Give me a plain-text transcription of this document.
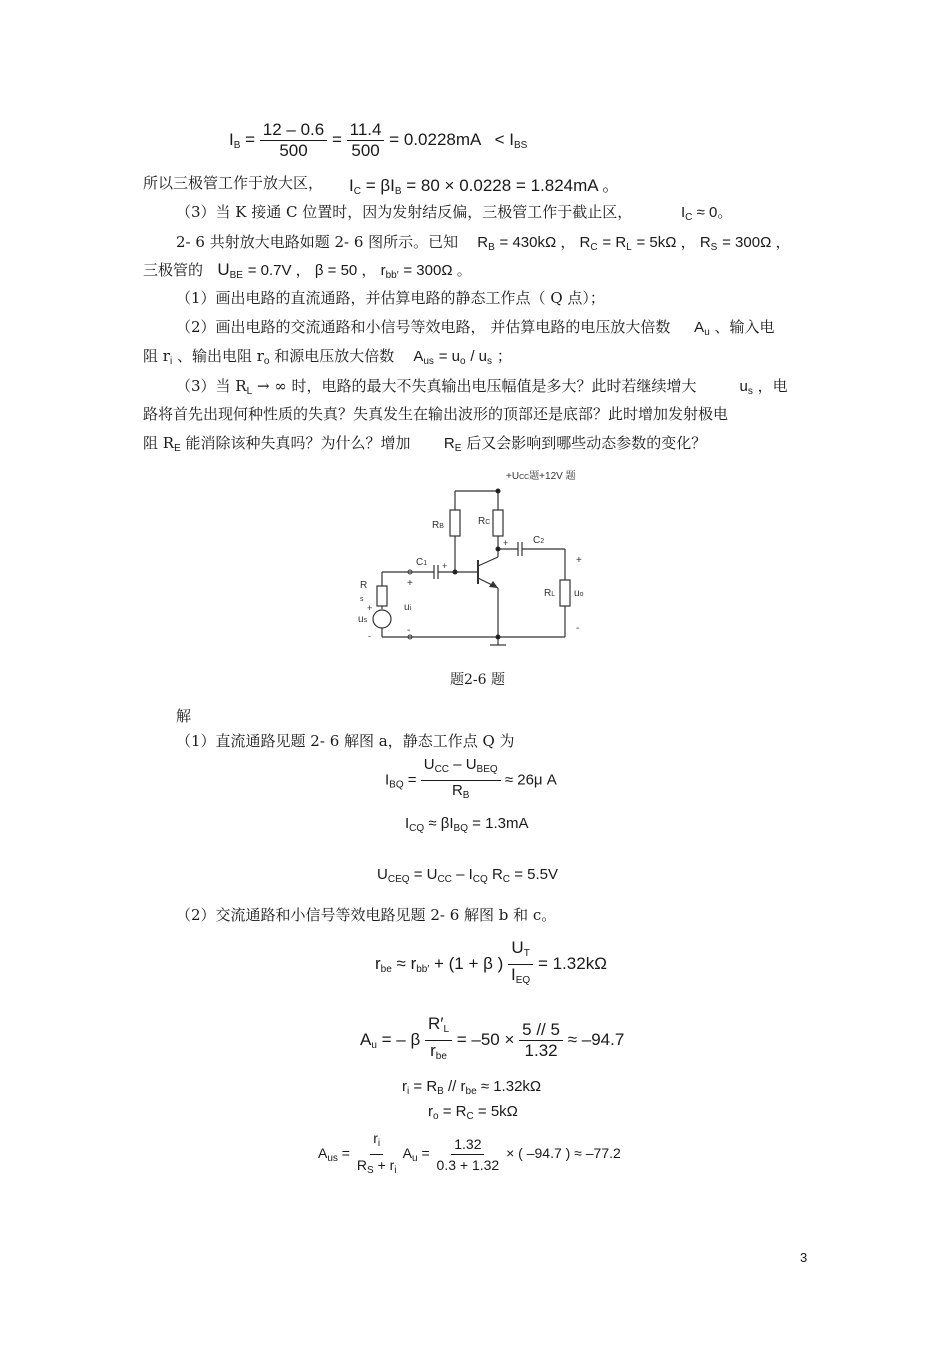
$I_B = \frac{12 - 0.6}{500} = \frac{11.4}{500} = 0.0228mA < I_{BS}$
所以三极管工作于放大区， $I_C = \beta I_B = 80 \times 0.0228 = 1.824mA$ 。
（3）当 K 接通 C 位置时，因为发射结反偏，三极管工作于截止区，	$I_C \approx 0$。
2- 6 共射放大电路如题 2- 6 图所示。已知 $R_B = 430k\Omega$ ， $R_C = R_L = 5k\Omega$ ， $R_S = 300\Omega$ ，
三极管的 $U_{BE} = 0.7V$ ， β = 50 ， $r_{bb'} = 300\Omega$ 。
（1）画出电路的直流通路，并估算电路的静态工作点（ Q 点）；
（2）画出电路的交流通路和小信号等效电路， 并估算电路的电压放大倍数 $A_u$ 、输入电
阻 $r_i$ 、输出电阻 $r_o$ 和源电压放大倍数 $A_{us} = u_o / u_s$ ；
（3）当 $R_L$ → ∞ 时，电路的最大不失真输出电压幅值是多大？此时若继续增大	$u_s$ ，电
路将首先出现何种性质的失真？失真发生在输出波形的顶部还是底部？此时增加发射极电
阻 $R_E$ 能消除该种失真吗？为什么？增加 $R_E$ 后又会影响到哪些动态参数的变化？
+UCC题+12V 题
RB	RC
C1
C2
R
s
ui
us
RL uo
+
-
+
+
+
-
+
-
题2-6 题
解
（1）直流通路见题 2- 6 解图 a，静态工作点 Q 为
$I_{BQ} = \frac{U_{CC} - U_{BEQ}}{R_B} \approx 26\mu$ A
$I_{CQ} \approx \beta I_{BQ} = 1.3mA$
$U_{CEQ} = U_{CC} - I_{CQ}$ $R_C = 5.5V$
（2）交流通路和小信号等效电路见题 2- 6 解图 b 和 c。
$r_{be} \approx r_{bb'} + (1 + \beta$ ) $\frac{U_T}{I_{EQ}} = 1.32k\Omega$
$A_u$ = – β $\frac{R'_L}{r_{be}} = -50 \times \frac{5 // 5}{1.32} \approx -94.7$
$r_i = R_B // r_{be} \approx 1.32k\Omega$
$r_o = R_C = 5k\Omega$
$A_{us} = \frac{r_i}{R_S + r_i} A_u = \frac{1.32}{0.3 + 1.32}$ × ( –94.7 ) ≈ –77.2
3
